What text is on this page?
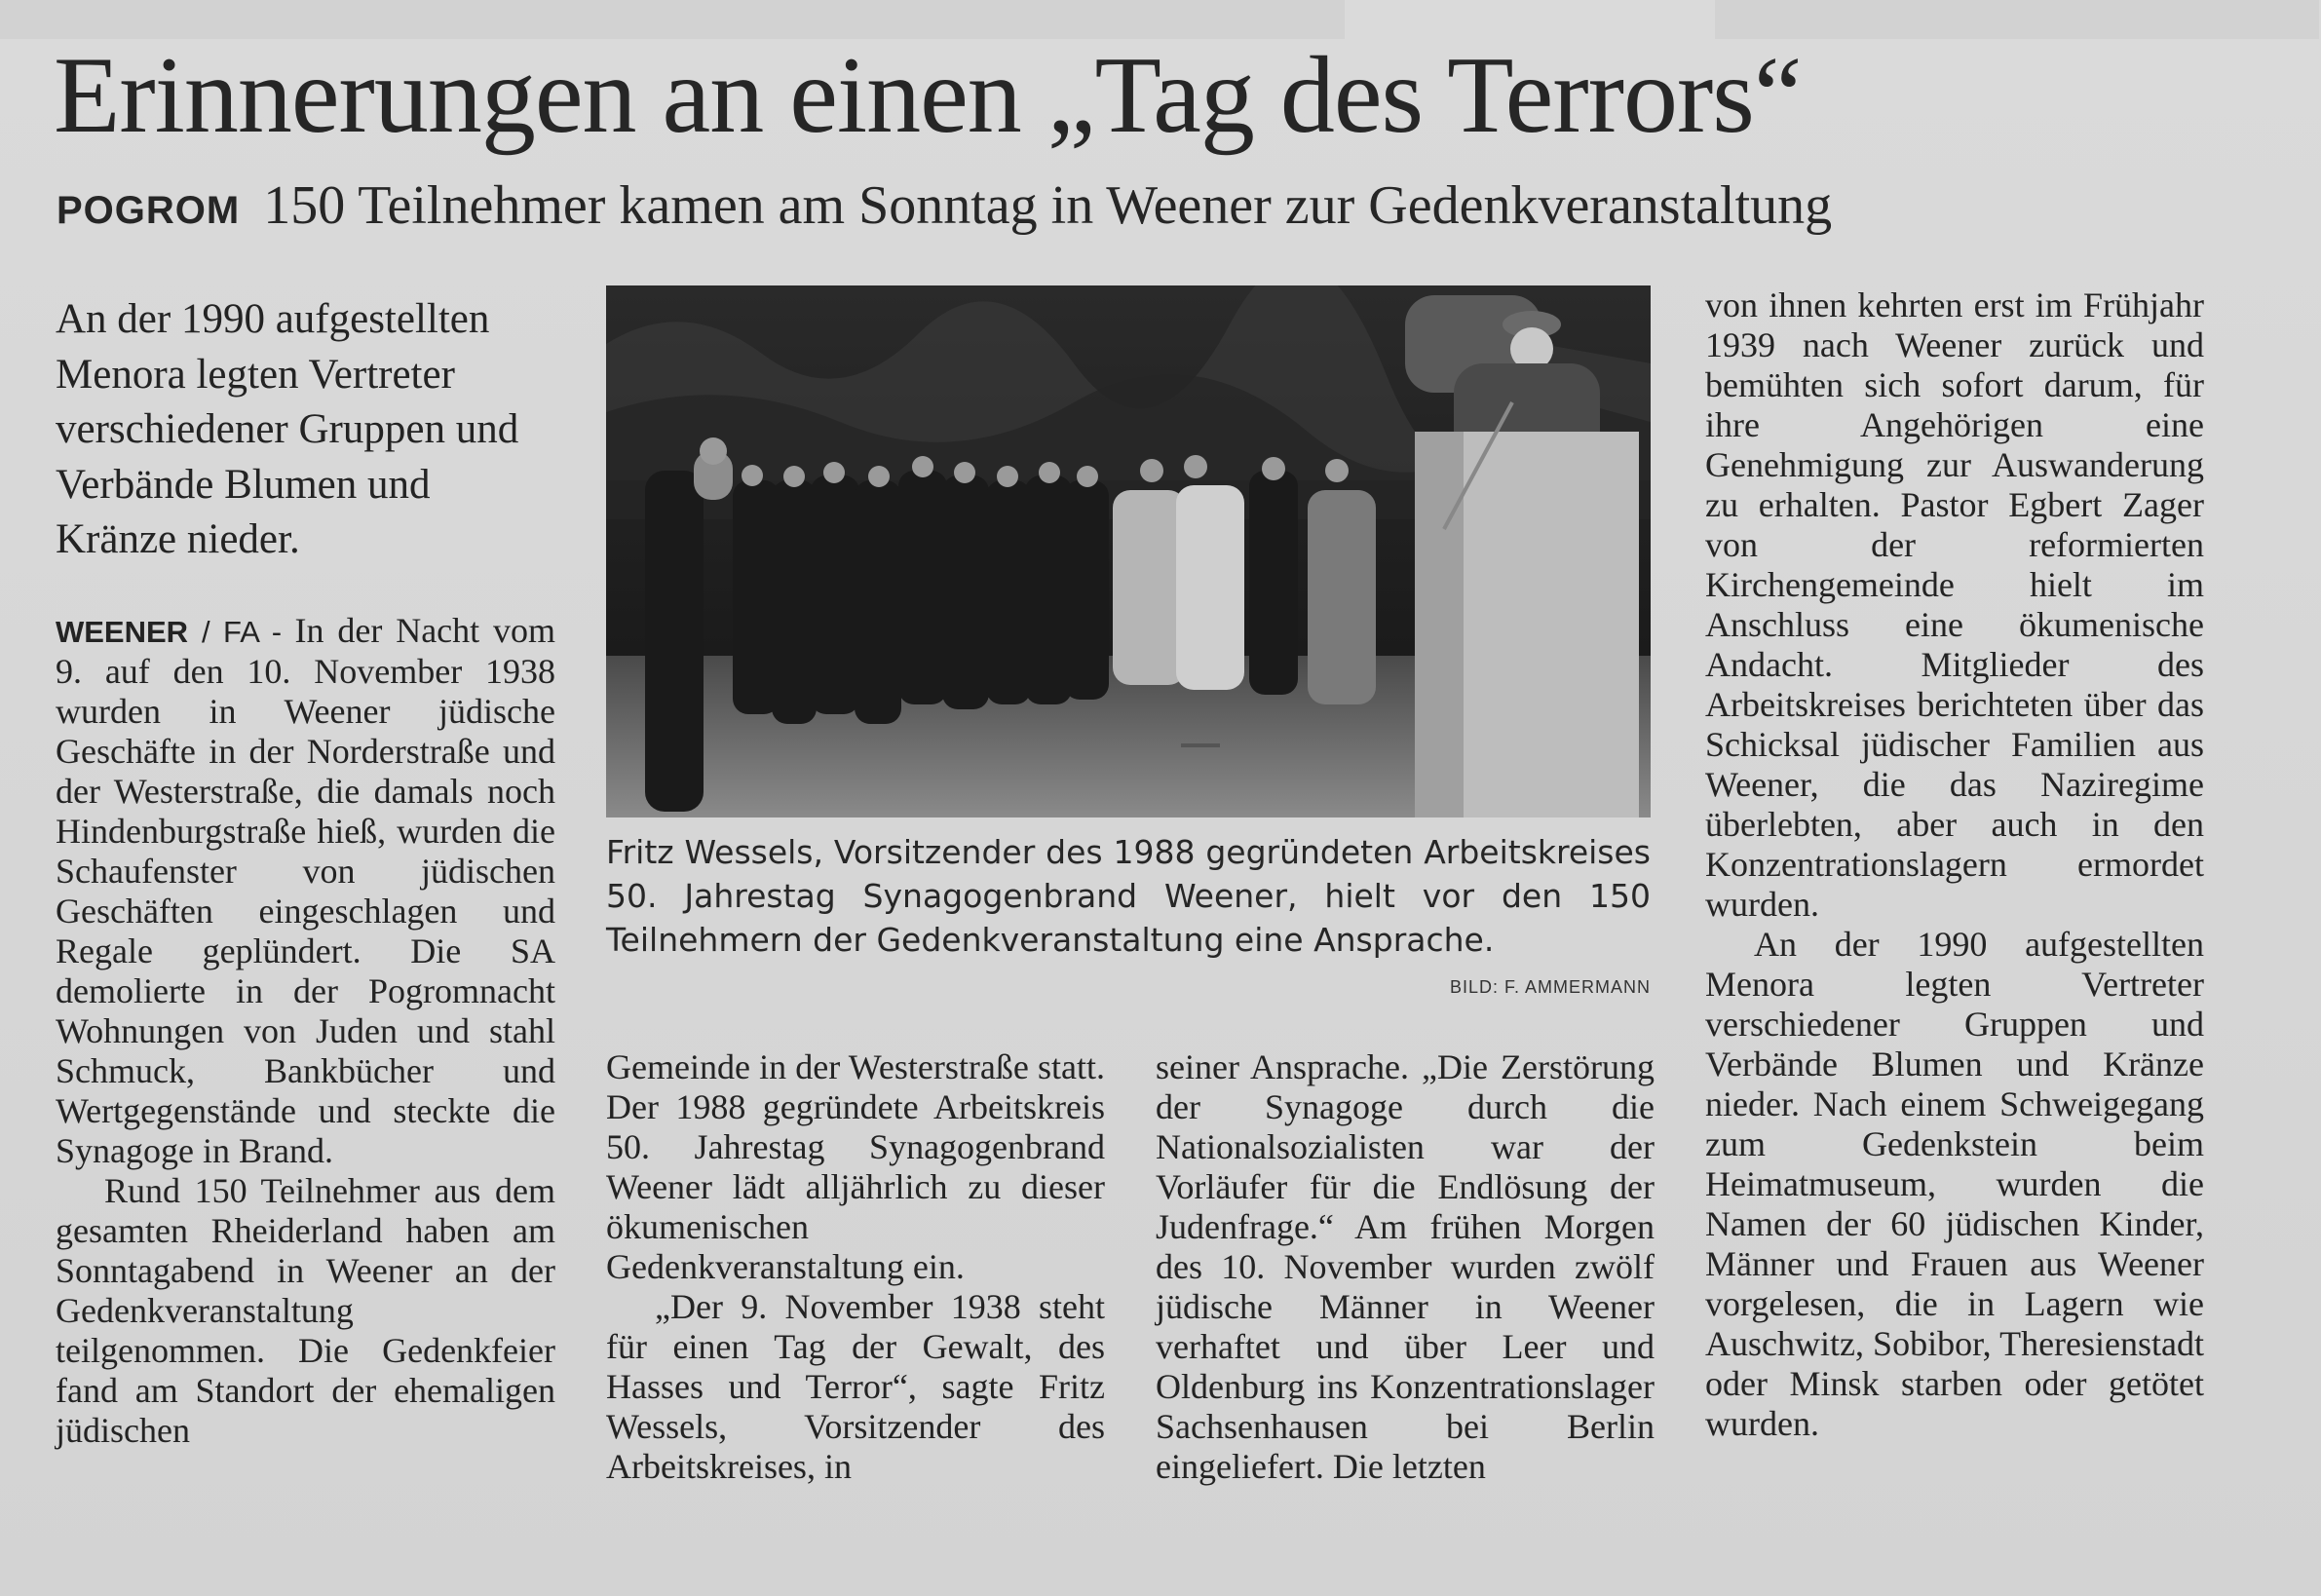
Erinnerungen an einen „Tag des Terrors“
POGROM 150 Teilnehmer kamen am Sonntag in Weener zur Gedenkveranstaltung

An der 1990 aufgestellten Menora legten Vertreter verschiedener Gruppen und Verbände Blumen und Kränze nieder.

WEENER / FA - In der Nacht vom 9. auf den 10. November 1938 wurden in Weener jüdische Geschäfte in der Norderstraße und der Westerstraße, die damals noch Hindenburgstraße hieß, wurden die Schaufenster von jüdischen Geschäften eingeschlagen und Regale geplündert. Die SA demolierte in der Pogromnacht Wohnungen von Juden und stahl Schmuck, Bankbücher und Wertgegenstände und steckte die Synagoge in Brand.

Rund 150 Teilnehmer aus dem gesamten Rheiderland haben am Sonntagabend in Weener an der Gedenkveranstaltung teilgenommen. Die Gedenkfeier fand am Standort der ehemaligen jüdischen

Fritz Wessels, Vorsitzender des 1988 gegründeten Arbeitskreises 50. Jahrestag Synagogenbrand Weener, hielt vor den 150 Teilnehmern der Gedenkveranstaltung eine Ansprache.
BILD: F. AMMERMANN

Gemeinde in der Westerstraße statt. Der 1988 gegründete Arbeitskreis 50. Jahrestag Synagogenbrand Weener lädt alljährlich zu dieser ökumenischen Gedenkveranstaltung ein.

„Der 9. November 1938 steht für einen Tag der Gewalt, des Hasses und Terror“, sagte Fritz Wessels, Vorsitzender des Arbeitskreises, in

seiner Ansprache. „Die Zerstörung der Synagoge durch die Nationalsozialisten war der Vorläufer für die Endlösung der Judenfrage.“ Am frühen Morgen des 10. November wurden zwölf jüdische Männer in Weener verhaftet und über Leer und Oldenburg ins Konzentrationslager Sachsenhausen bei Berlin eingeliefert. Die letzten

von ihnen kehrten erst im Frühjahr 1939 nach Weener zurück und bemühten sich sofort darum, für ihre Angehörigen eine Genehmigung zur Auswanderung zu erhalten. Pastor Egbert Zager von der reformierten Kirchengemeinde hielt im Anschluss eine ökumenische Andacht. Mitglieder des Arbeitskreises berichteten über das Schicksal jüdischer Familien aus Weener, die das Naziregime überlebten, aber auch in den Konzentrationslagern ermordet wurden.

An der 1990 aufgestellten Menora legten Vertreter verschiedener Gruppen und Verbände Blumen und Kränze nieder. Nach einem Schweigegang zum Gedenkstein beim Heimatmuseum, wurden die Namen der 60 jüdischen Kinder, Männer und Frauen aus Weener vorgelesen, die in Lagern wie Auschwitz, Sobibor, Theresienstadt oder Minsk starben oder getötet wurden.
